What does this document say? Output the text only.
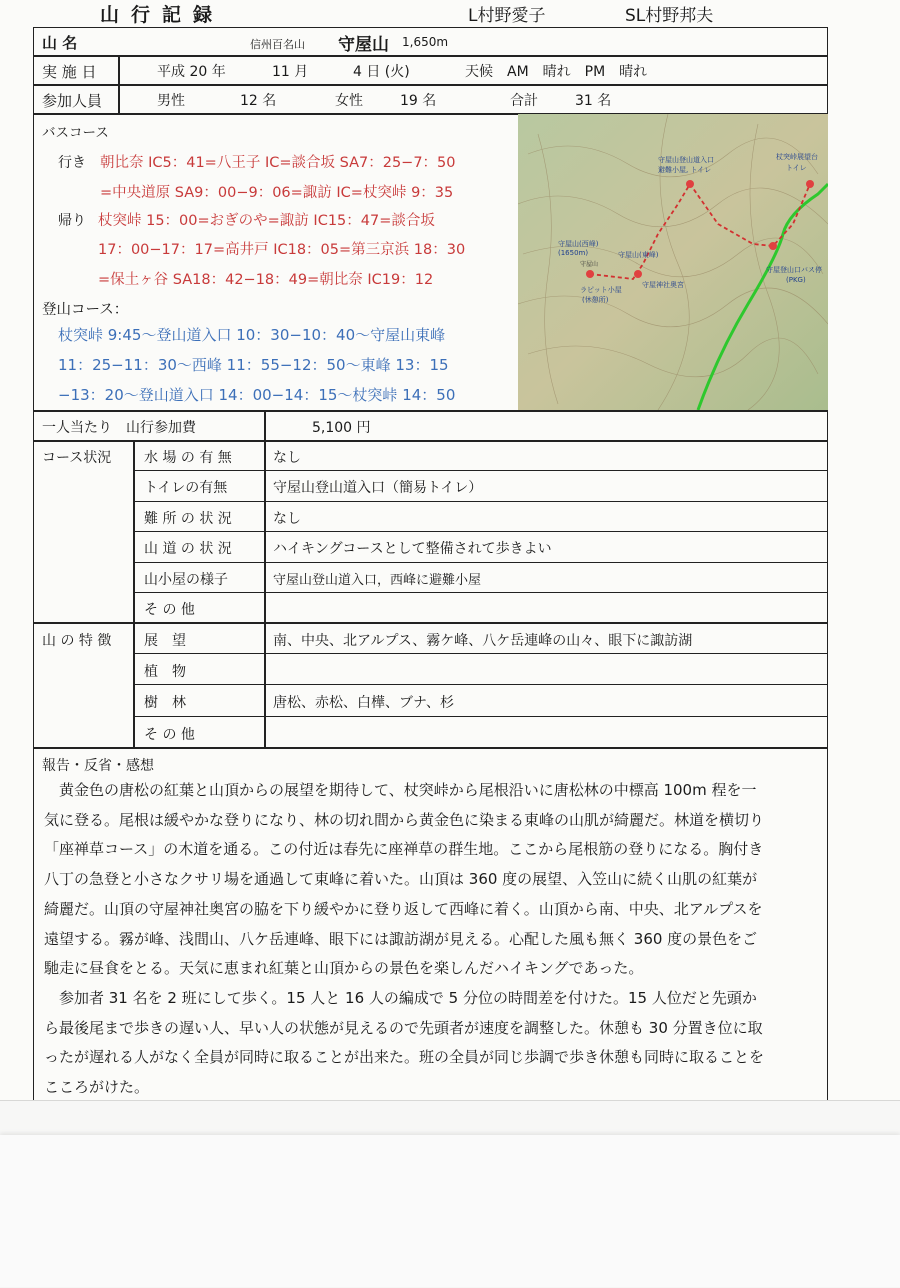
山行記録	L村野愛子	SL村野邦夫
山 名	信州百名山 守屋山 1,650m
実 施 日	平成 20 年	11 月	4 日 (火)	天候　AM　晴れ　PM　晴れ
参加人員	男性	12 名	女性	19 名	合計	31 名
バスコース
行き 朝比奈 IC5：41=八王子 IC=談合坂 SA7：25−7：50
=中央道原 SA9：00−9：06=諏訪 IC=杖突峠 9：35
帰り 杖突峠 15：00=おぎのや=諏訪 IC15：47=談合坂
17：00−17：17=高井戸 IC18：05=第三京浜 18：30
=保土ヶ谷 SA18：42−18：49=朝比奈 IC19：12
登山コース：
杖突峠 9:45〜登山道入口 10：30−10：40〜守屋山東峰
11：25−11：30〜西峰 11：55−12：50〜東峰 13：15
−13：20〜登山道入口 14：00−14：15〜杖突峠 14：50
守屋山登山道入口
避難小屋, トイレ
杖突峠展望台
トイレ
守屋山(西峰)
(1650m)	守屋山(東峰)
ラピット小屋
(休憩所)
守屋神社奥宮
守屋登山口バス停
(PKG)
守屋山
一人当たり　山行参加費	5,100 円
コース状況 水 場 の 有 無	なし
トイレの有無	守屋山登山道入口（簡易トイレ）
難 所 の 状 況	なし
山 道 の 状 況	ハイキングコースとして整備されて歩きよい
山小屋の様子	守屋山登山道入口，西峰に避難小屋
そ の 他
山 の 特 徴 展　望	南、中央、北アルプス、霧ケ峰、八ケ岳連峰の山々、眼下に諏訪湖
植　物
樹　林	唐松、赤松、白樺、ブナ、杉
そ の 他
報告・反省・感想
　黄金色の唐松の紅葉と山頂からの展望を期待して、杖突峠から尾根沿いに唐松林の中標高 100m 程を一
気に登る。尾根は緩やかな登りになり、林の切れ間から黄金色に染まる東峰の山肌が綺麗だ。林道を横切り
「座禅草コース」の木道を通る。この付近は春先に座禅草の群生地。ここから尾根筋の登りになる。胸付き
八丁の急登と小さなクサリ場を通過して東峰に着いた。山頂は 360 度の展望、入笠山に続く山肌の紅葉が
綺麗だ。山頂の守屋神社奥宮の脇を下り緩やかに登り返して西峰に着く。山頂から南、中央、北アルプスを
遠望する。霧が峰、浅間山、八ケ岳連峰、眼下には諏訪湖が見える。心配した風も無く 360 度の景色をご
馳走に昼食をとる。天気に恵まれ紅葉と山頂からの景色を楽しんだハイキングであった。
　参加者 31 名を 2 班にして歩く。15 人と 16 人の編成で 5 分位の時間差を付けた。15 人位だと先頭か
ら最後尾まで歩きの遅い人、早い人の状態が見えるので先頭者が速度を調整した。休憩も 30 分置き位に取
ったが遅れる人がなく全員が同時に取ることが出来た。班の全員が同じ歩調で歩き休憩も同時に取ることを
こころがけた。
